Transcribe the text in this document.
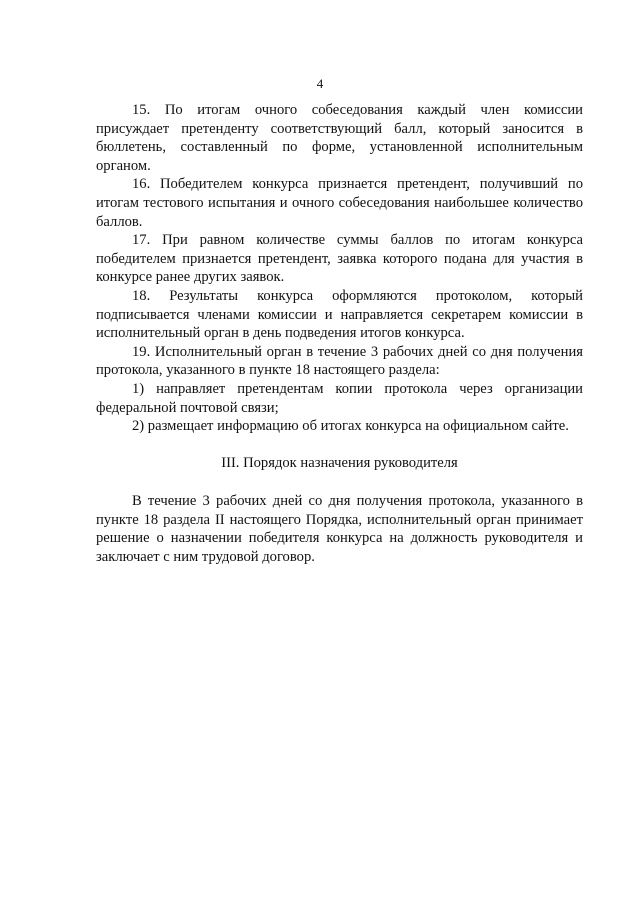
4

15. По итогам очного собеседования каждый член комиссии присуждает претенденту соответствующий балл, который заносится в бюллетень, составленный по форме, установленной исполнительным органом.

16. Победителем конкурса признается претендент, получивший по итогам тестового испытания и очного собеседования наибольшее количество баллов.

17. При равном количестве суммы баллов по итогам конкурса победителем признается претендент, заявка которого подана для участия в конкурсе ранее других заявок.

18. Результаты конкурса оформляются протоколом, который подписывается членами комиссии и направляется секретарем комиссии в исполнительный орган в день подведения итогов конкурса.

19. Исполнительный орган в течение 3 рабочих дней со дня получения протокола, указанного в пункте 18 настоящего раздела:

1) направляет претендентам копии протокола через организации федеральной почтовой связи;

2) размещает информацию об итогах конкурса на официальном сайте.

III. Порядок назначения руководителя

В течение 3 рабочих дней со дня получения протокола, указанного в пункте 18 раздела II настоящего Порядка, исполнительный орган принимает решение о назначении победителя конкурса на должность руководителя и заключает с ним трудовой договор.
